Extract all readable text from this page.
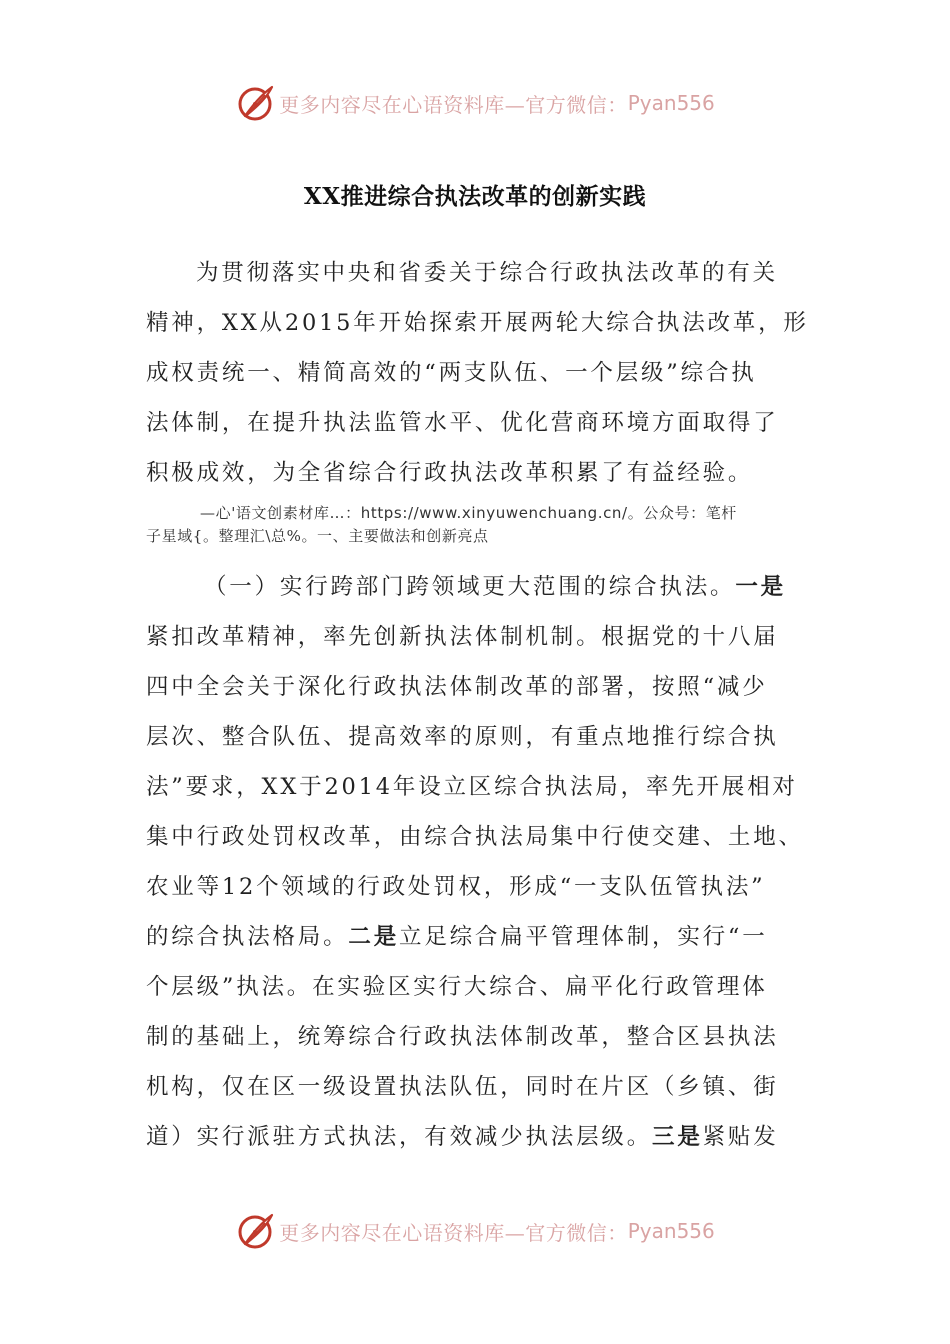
更多内容尽在心语资料库—官方微信： Pyan556
XX推进综合执法改革的创新实践
为贯彻落实中央和省委关于综合行政执法改革的有关
精神，XX从2015年开始探索开展两轮大综合执法改革，形
成权责统一、精简高效的“两支队伍、一个层级”综合执
法体制，在提升执法监管水平、优化营商环境方面取得了
积极成效，为全省综合行政执法改革积累了有益经验。
—心'语文创素材库…：https://www.xinyuwenchuang.cn/。公众号：笔杆
子星域{。整理汇\总%。一、主要做法和创新亮点
（一）实行跨部门跨领域更大范围的综合执法。一是
紧扣改革精神，率先创新执法体制机制。根据党的十八届
四中全会关于深化行政执法体制改革的部署，按照“减少
层次、整合队伍、提高效率的原则，有重点地推行综合执
法”要求，XX于2014年设立区综合执法局，率先开展相对
集中行政处罚权改革，由综合执法局集中行使交建、土地、
农业等12个领域的行政处罚权，形成“一支队伍管执法”
的综合执法格局。二是立足综合扁平管理体制，实行“一
个层级”执法。在实验区实行大综合、扁平化行政管理体
制的基础上，统筹综合行政执法体制改革，整合区县执法
机构，仅在区一级设置执法队伍，同时在片区（乡镇、街
道）实行派驻方式执法，有效减少执法层级。三是紧贴发
更多内容尽在心语资料库—官方微信： Pyan556
